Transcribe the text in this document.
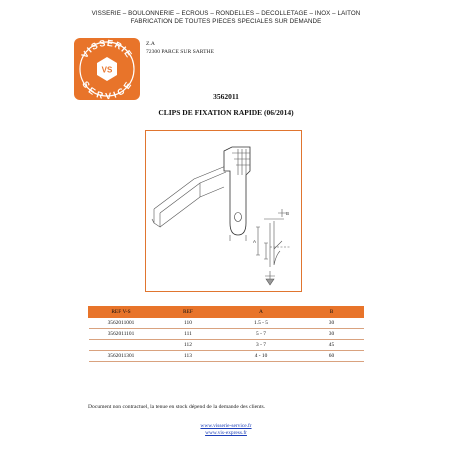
VISSERIE – BOULONNERIE – ECROUS – RONDELLES – DECOLLETAGE – INOX – LAITON
FABRICATION DE TOUTES PIECES SPECIALES SUR DEMANDE
VISSERIE
SERVICE
VS
Z.A
72300 PARCE SUR SARTHE
3562011
CLIPS DE FIXATION RAPIDE (06/2014)
B
A
REF V-S	REF	A	B
3562011001	110	1.5 - 5	30
3562011101	111	5 - 7	30
	112	3 - 7	45
3562011301	113	4 - 10	60
Document non contractuel, la tenue en stock dépend de la demande des clients.
www.visserie-service.fr
www.vis-express.fr
